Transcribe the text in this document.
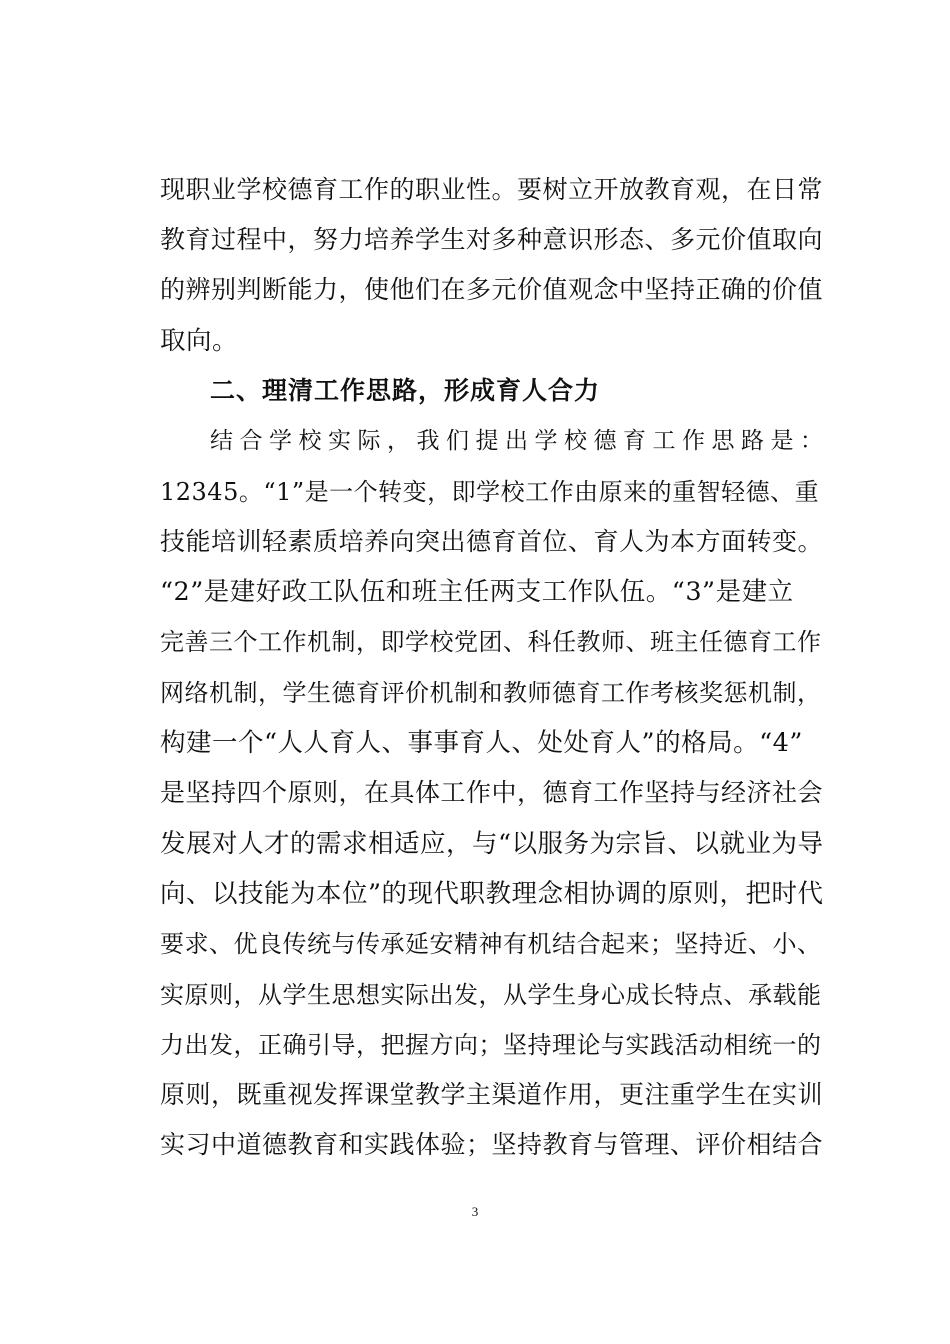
现职业学校德育工作的职业性。要树立开放教育观，在日常
教育过程中，努力培养学生对多种意识形态、多元价值取向
的辨别判断能力，使他们在多元价值观念中坚持正确的价值
取向。
二、理清工作思路，形成育人合力
结合学校实际，我们提出学校德育工作思路是：
12345。“1”是一个转变，即学校工作由原来的重智轻德、重
技能培训轻素质培养向突出德育首位、育人为本方面转变。
“2”是建好政工队伍和班主任两支工作队伍。“3”是建立
完善三个工作机制，即学校党团、科任教师、班主任德育工作
网络机制，学生德育评价机制和教师德育工作考核奖惩机制，
构建一个“人人育人、事事育人、处处育人”的格局。“4”
是坚持四个原则，在具体工作中，德育工作坚持与经济社会
发展对人才的需求相适应，与“以服务为宗旨、以就业为导
向、以技能为本位”的现代职教理念相协调的原则，把时代
要求、优良传统与传承延安精神有机结合起来；坚持近、小、
实原则，从学生思想实际出发，从学生身心成长特点、承载能
力出发，正确引导，把握方向；坚持理论与实践活动相统一的
原则，既重视发挥课堂教学主渠道作用，更注重学生在实训
实习中道德教育和实践体验；坚持教育与管理、评价相结合
3
